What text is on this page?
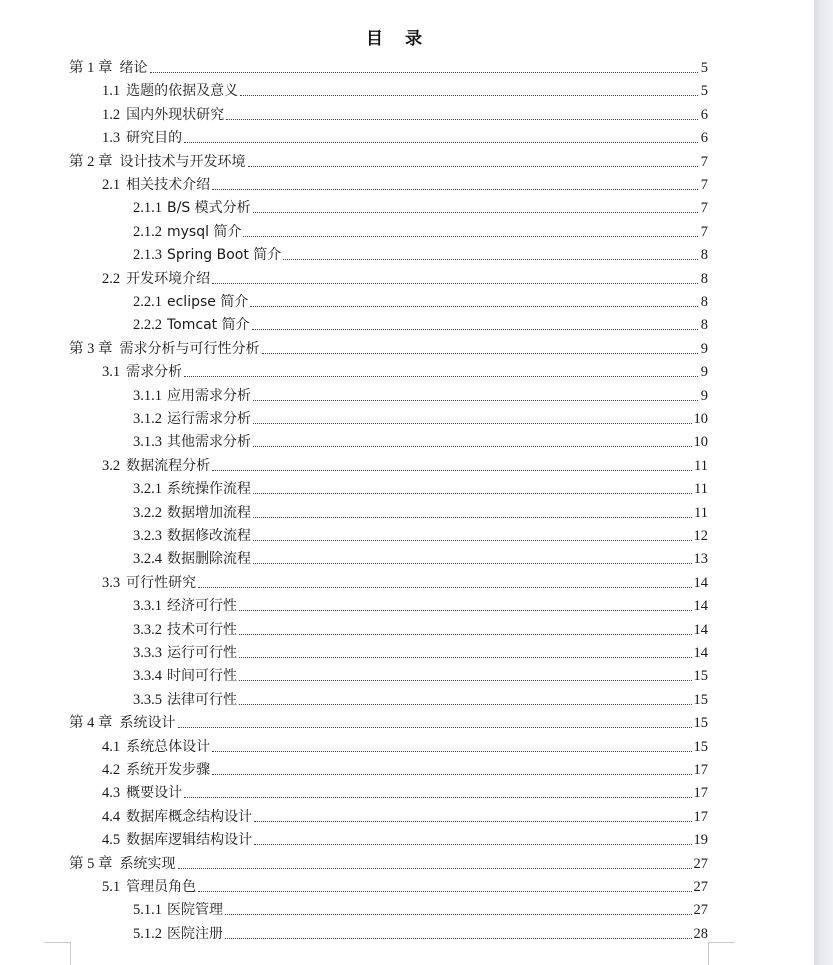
目 录
第 1 章 绪论	5
1.1 选题的依据及意义	5
1.2 国内外现状研究	6
1.3 研究目的	6
第 2 章 设计技术与开发环境	7
2.1 相关技术介绍	7
2.1.1 B/S 模式分析	7
2.1.2 mysql 简介	7
2.1.3 Spring Boot 简介	8
2.2 开发环境介绍	8
2.2.1 eclipse 简介	8
2.2.2 Tomcat 简介	8
第 3 章 需求分析与可行性分析	9
3.1 需求分析	9
3.1.1 应用需求分析	9
3.1.2 运行需求分析	10
3.1.3 其他需求分析	10
3.2 数据流程分析	11
3.2.1 系统操作流程	11
3.2.2 数据增加流程	11
3.2.3 数据修改流程	12
3.2.4 数据删除流程	13
3.3 可行性研究	14
3.3.1 经济可行性	14
3.3.2 技术可行性	14
3.3.3 运行可行性	14
3.3.4 时间可行性	15
3.3.5 法律可行性	15
第 4 章 系统设计	15
4.1 系统总体设计	15
4.2 系统开发步骤	17
4.3 概要设计	17
4.4 数据库概念结构设计	17
4.5 数据库逻辑结构设计	19
第 5 章 系统实现	27
5.1 管理员角色	27
5.1.1 医院管理	27
5.1.2 医院注册	28
